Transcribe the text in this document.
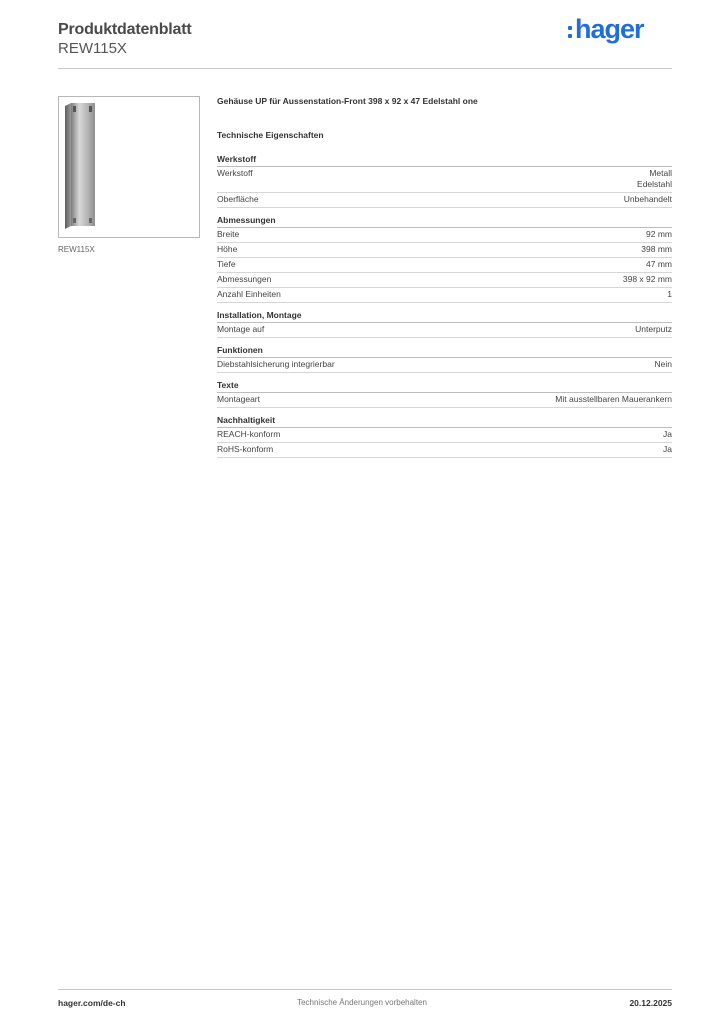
Produktdatenblatt
REW115X
hager
REW115X
Gehäuse UP für Aussenstation-Front 398 x 92 x 47 Edelstahl one
Technische Eigenschaften
Werkstoff
Werkstoff	Metall
Edelstahl
Oberfläche	Unbehandelt
Abmessungen
Breite	92 mm
Höhe	398 mm
Tiefe	47 mm
Abmessungen	398 x 92 mm
Anzahl Einheiten	1
Installation, Montage
Montage auf	Unterputz
Funktionen
Diebstahlsicherung integrierbar	Nein
Texte
Montageart	Mit ausstellbaren Mauerankern
Nachhaltigkeit
REACH-konform	Ja
RoHS-konform	Ja
hager.com/de-ch	Technische Änderungen vorbehalten	20.12.2025
